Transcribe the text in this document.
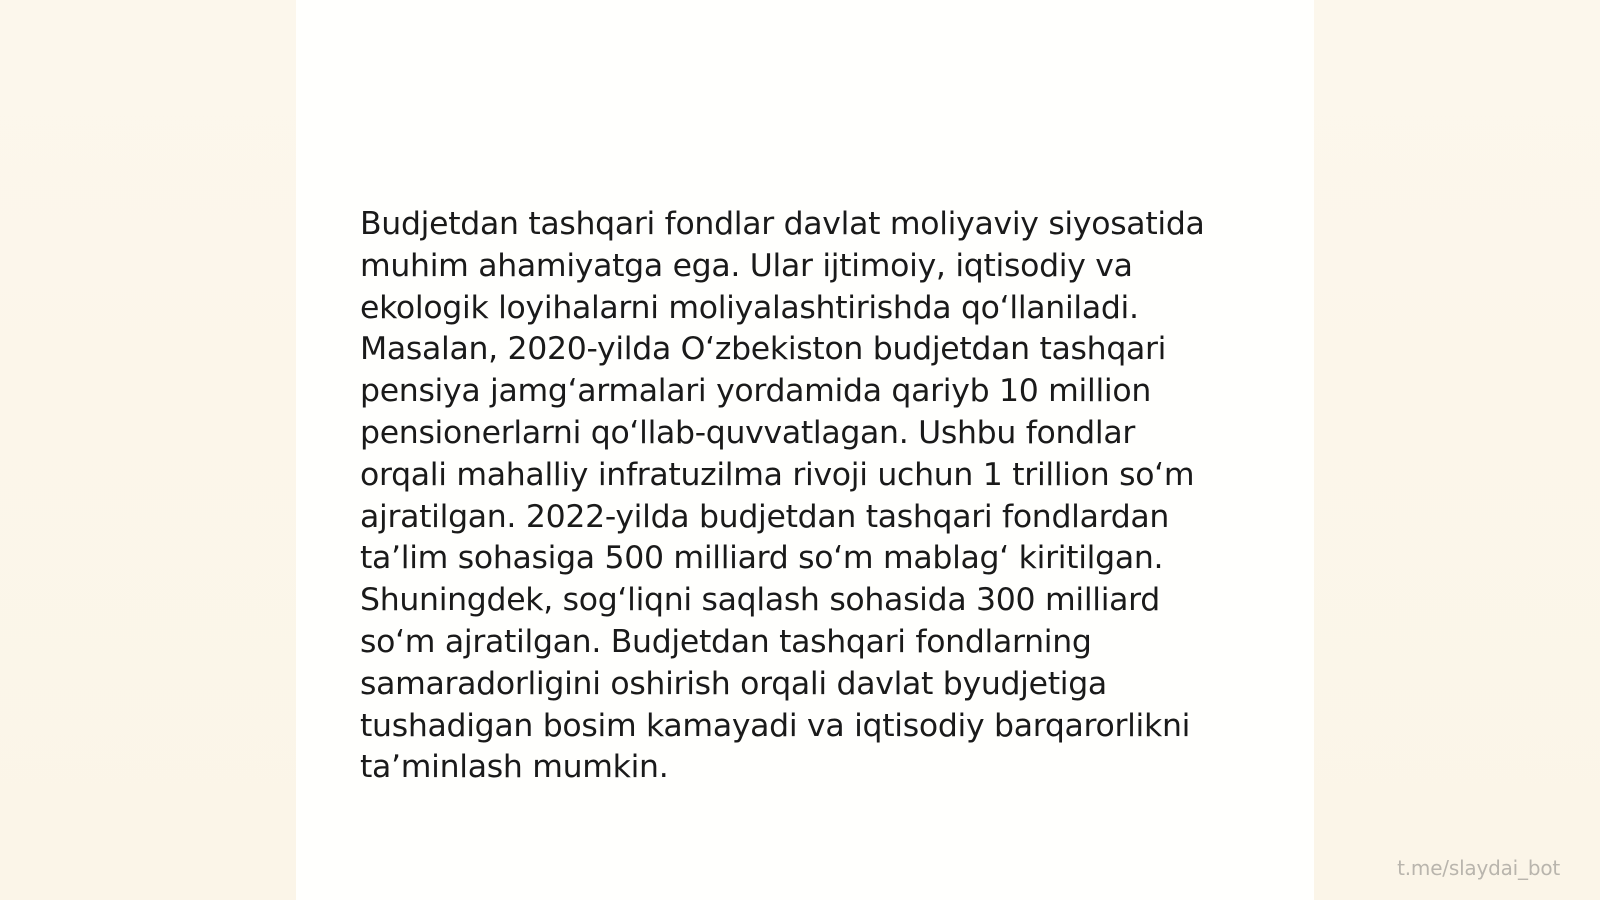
Budjetdan tashqari fondlar davlat moliyaviy siyosatida
muhim ahamiyatga ega. Ular ijtimoiy, iqtisodiy va
ekologik loyihalarni moliyalashtirishda qo‘llaniladi.
Masalan, 2020-yilda O‘zbekiston budjetdan tashqari
pensiya jamg‘armalari yordamida qariyb 10 million
pensionerlarni qo‘llab-quvvatlagan. Ushbu fondlar
orqali mahalliy infratuzilma rivoji uchun 1 trillion so‘m
ajratilgan. 2022-yilda budjetdan tashqari fondlardan
ta’lim sohasiga 500 milliard so‘m mablag‘ kiritilgan.
Shuningdek, sog‘liqni saqlash sohasida 300 milliard
so‘m ajratilgan. Budjetdan tashqari fondlarning
samaradorligini oshirish orqali davlat byudjetiga
tushadigan bosim kamayadi va iqtisodiy barqarorlikni
ta’minlash mumkin.

t.me/slaydai_bot
